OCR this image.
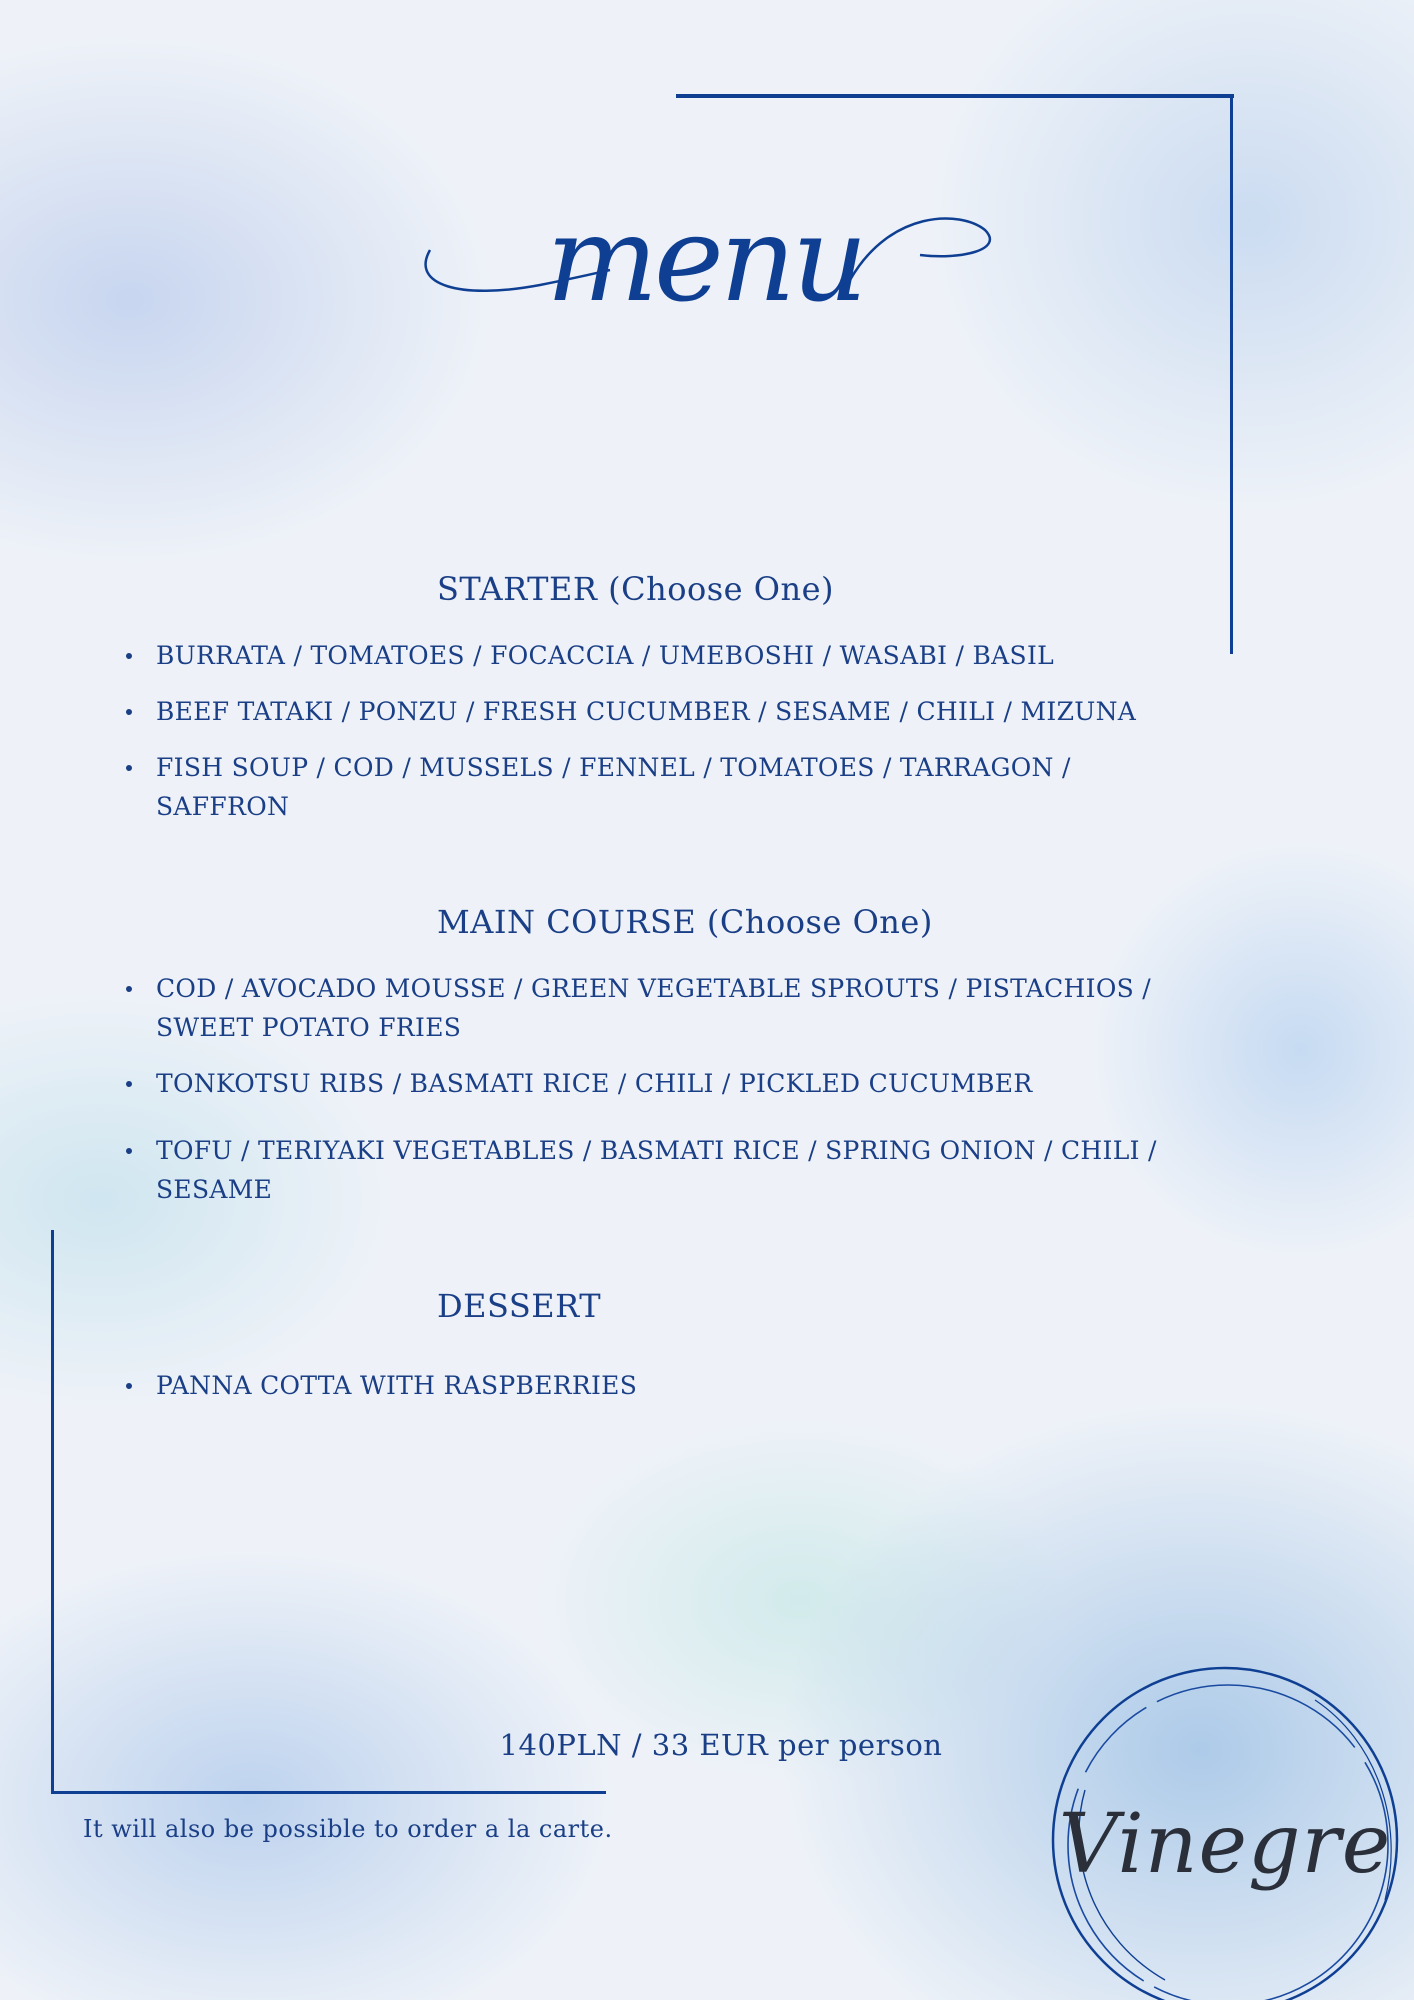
menu
STARTER (Choose One)
BURRATA / TOMATOES / FOCACCIA / UMEBOSHI / WASABI / BASIL
BEEF TATAKI / PONZU / FRESH CUCUMBER / SESAME / CHILI / MIZUNA
FISH SOUP / COD / MUSSELS / FENNEL / TOMATOES / TARRAGON / SAFFRON
MAIN COURSE (Choose One)
COD / AVOCADO MOUSSE / GREEN VEGETABLE SPROUTS / PISTACHIOS / SWEET POTATO FRIES
TONKOTSU RIBS / BASMATI RICE / CHILI / PICKLED CUCUMBER
TOFU / TERIYAKI VEGETABLES / BASMATI RICE / SPRING ONION / CHILI / SESAME
DESSERT
PANNA COTTA WITH RASPBERRIES
140PLN / 33 EUR per person
It will also be possible to order a la carte.	Vinegre
